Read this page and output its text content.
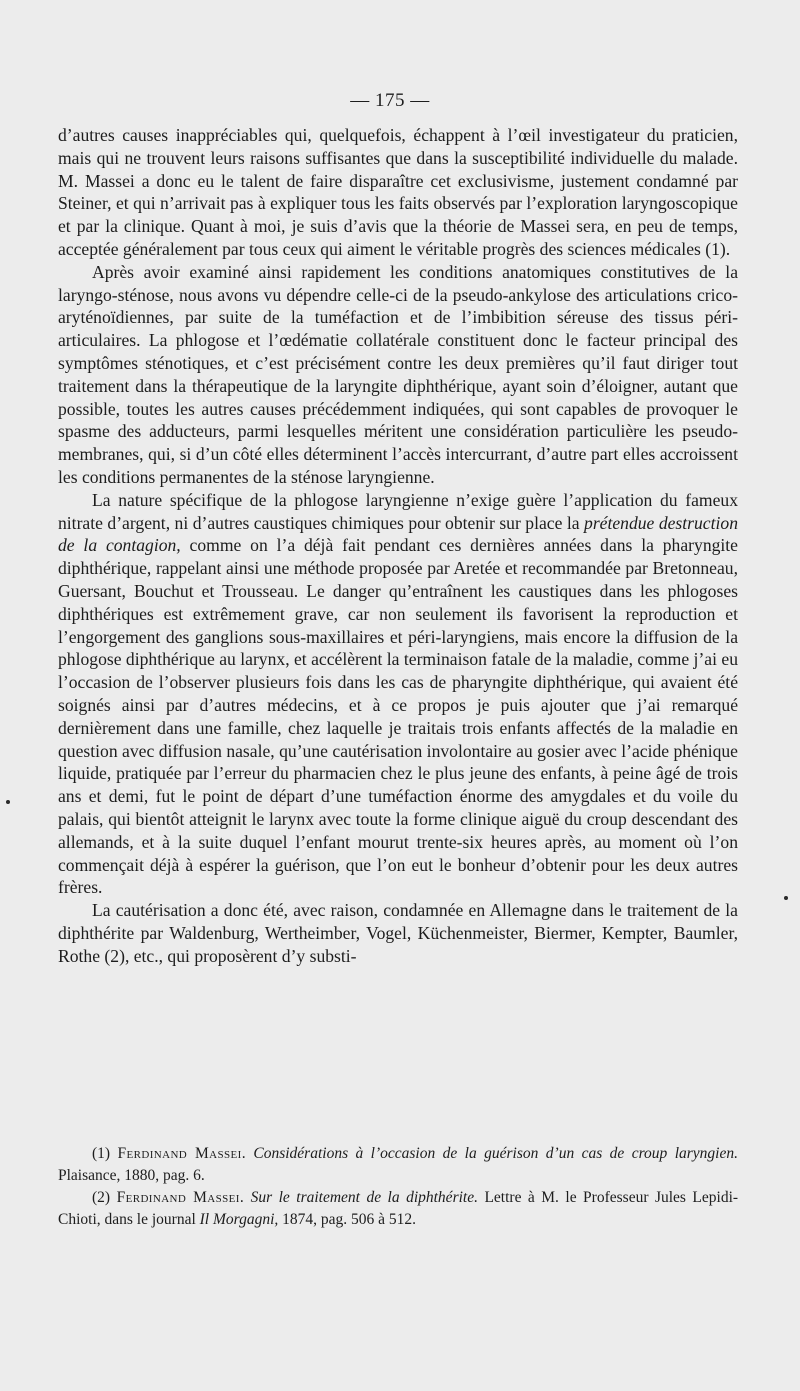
— 175 —

d’autres causes inappréciables qui, quelquefois, échappent à l’œil investigateur du praticien, mais qui ne trouvent leurs raisons suffisantes que dans la susceptibilité individuelle du malade. M. Massei a donc eu le talent de faire disparaître cet exclusivisme, justement condamné par Steiner, et qui n’arrivait pas à expliquer tous les faits observés par l’exploration laryngoscopique et par la clinique. Quant à moi, je suis d’avis que la théorie de Massei sera, en peu de temps, acceptée généralement par tous ceux qui aiment le véritable progrès des sciences médicales (1).

Après avoir examiné ainsi rapidement les conditions anatomiques constitutives de la laryngo-sténose, nous avons vu dépendre celle-ci de la pseudo-ankylose des articulations crico-aryténoïdiennes, par suite de la tuméfaction et de l’imbibition séreuse des tissus péri-articulaires. La phlogose et l’œdématie collatérale constituent donc le facteur principal des symptômes sténotiques, et c’est précisément contre les deux premières qu’il faut diriger tout traitement dans la thérapeutique de la laryngite diphthérique, ayant soin d’éloigner, autant que possible, toutes les autres causes précédemment indiquées, qui sont capables de provoquer le spasme des adducteurs, parmi lesquelles méritent une considération particulière les pseudo-membranes, qui, si d’un côté elles déterminent l’accès intercurrant, d’autre part elles accroissent les conditions permanentes de la sténose laryngienne.

La nature spécifique de la phlogose laryngienne n’exige guère l’application du fameux nitrate d’argent, ni d’autres caustiques chimiques pour obtenir sur place la prétendue destruction de la contagion, comme on l’a déjà fait pendant ces dernières années dans la pharyngite diphthérique, rappelant ainsi une méthode proposée par Aretée et recommandée par Bretonneau, Guersant, Bouchut et Trousseau. Le danger qu’entraînent les caustiques dans les phlogoses diphthériques est extrêmement grave, car non seulement ils favorisent la reproduction et l’engorgement des ganglions sous-maxillaires et péri-laryngiens, mais encore la diffusion de la phlogose diphthérique au larynx, et accélèrent la terminaison fatale de la maladie, comme j’ai eu l’occasion de l’observer plusieurs fois dans les cas de pharyngite diphthérique, qui avaient été soignés ainsi par d’autres médecins, et à ce propos je puis ajouter que j’ai remarqué dernièrement dans une famille, chez laquelle je traitais trois enfants affectés de la maladie en question avec diffusion nasale, qu’une cautérisation involontaire au gosier avec l’acide phénique liquide, pratiquée par l’erreur du pharmacien chez le plus jeune des enfants, à peine âgé de trois ans et demi, fut le point de départ d’une tuméfaction énorme des amygdales et du voile du palais, qui bientôt atteignit le larynx avec toute la forme clinique aiguë du croup descendant des allemands, et à la suite duquel l’enfant mourut trente-six heures après, au moment où l’on commençait déjà à espérer la guérison, que l’on eut le bonheur d’obtenir pour les deux autres frères.

La cautérisation a donc été, avec raison, condamnée en Allemagne dans le traitement de la diphthérite par Waldenburg, Wertheimber, Vogel, Küchenmeister, Biermer, Kempter, Baumler, Rothe (2), etc., qui proposèrent d’y substi-

(1) Ferdinand Massei. Considérations à l’occasion de la guérison d’un cas de croup laryngien. Plaisance, 1880, pag. 6.

(2) Ferdinand Massei. Sur le traitement de la diphthérite. Lettre à M. le Professeur Jules Lepidi-Chioti, dans le journal Il Morgagni, 1874, pag. 506 à 512.
